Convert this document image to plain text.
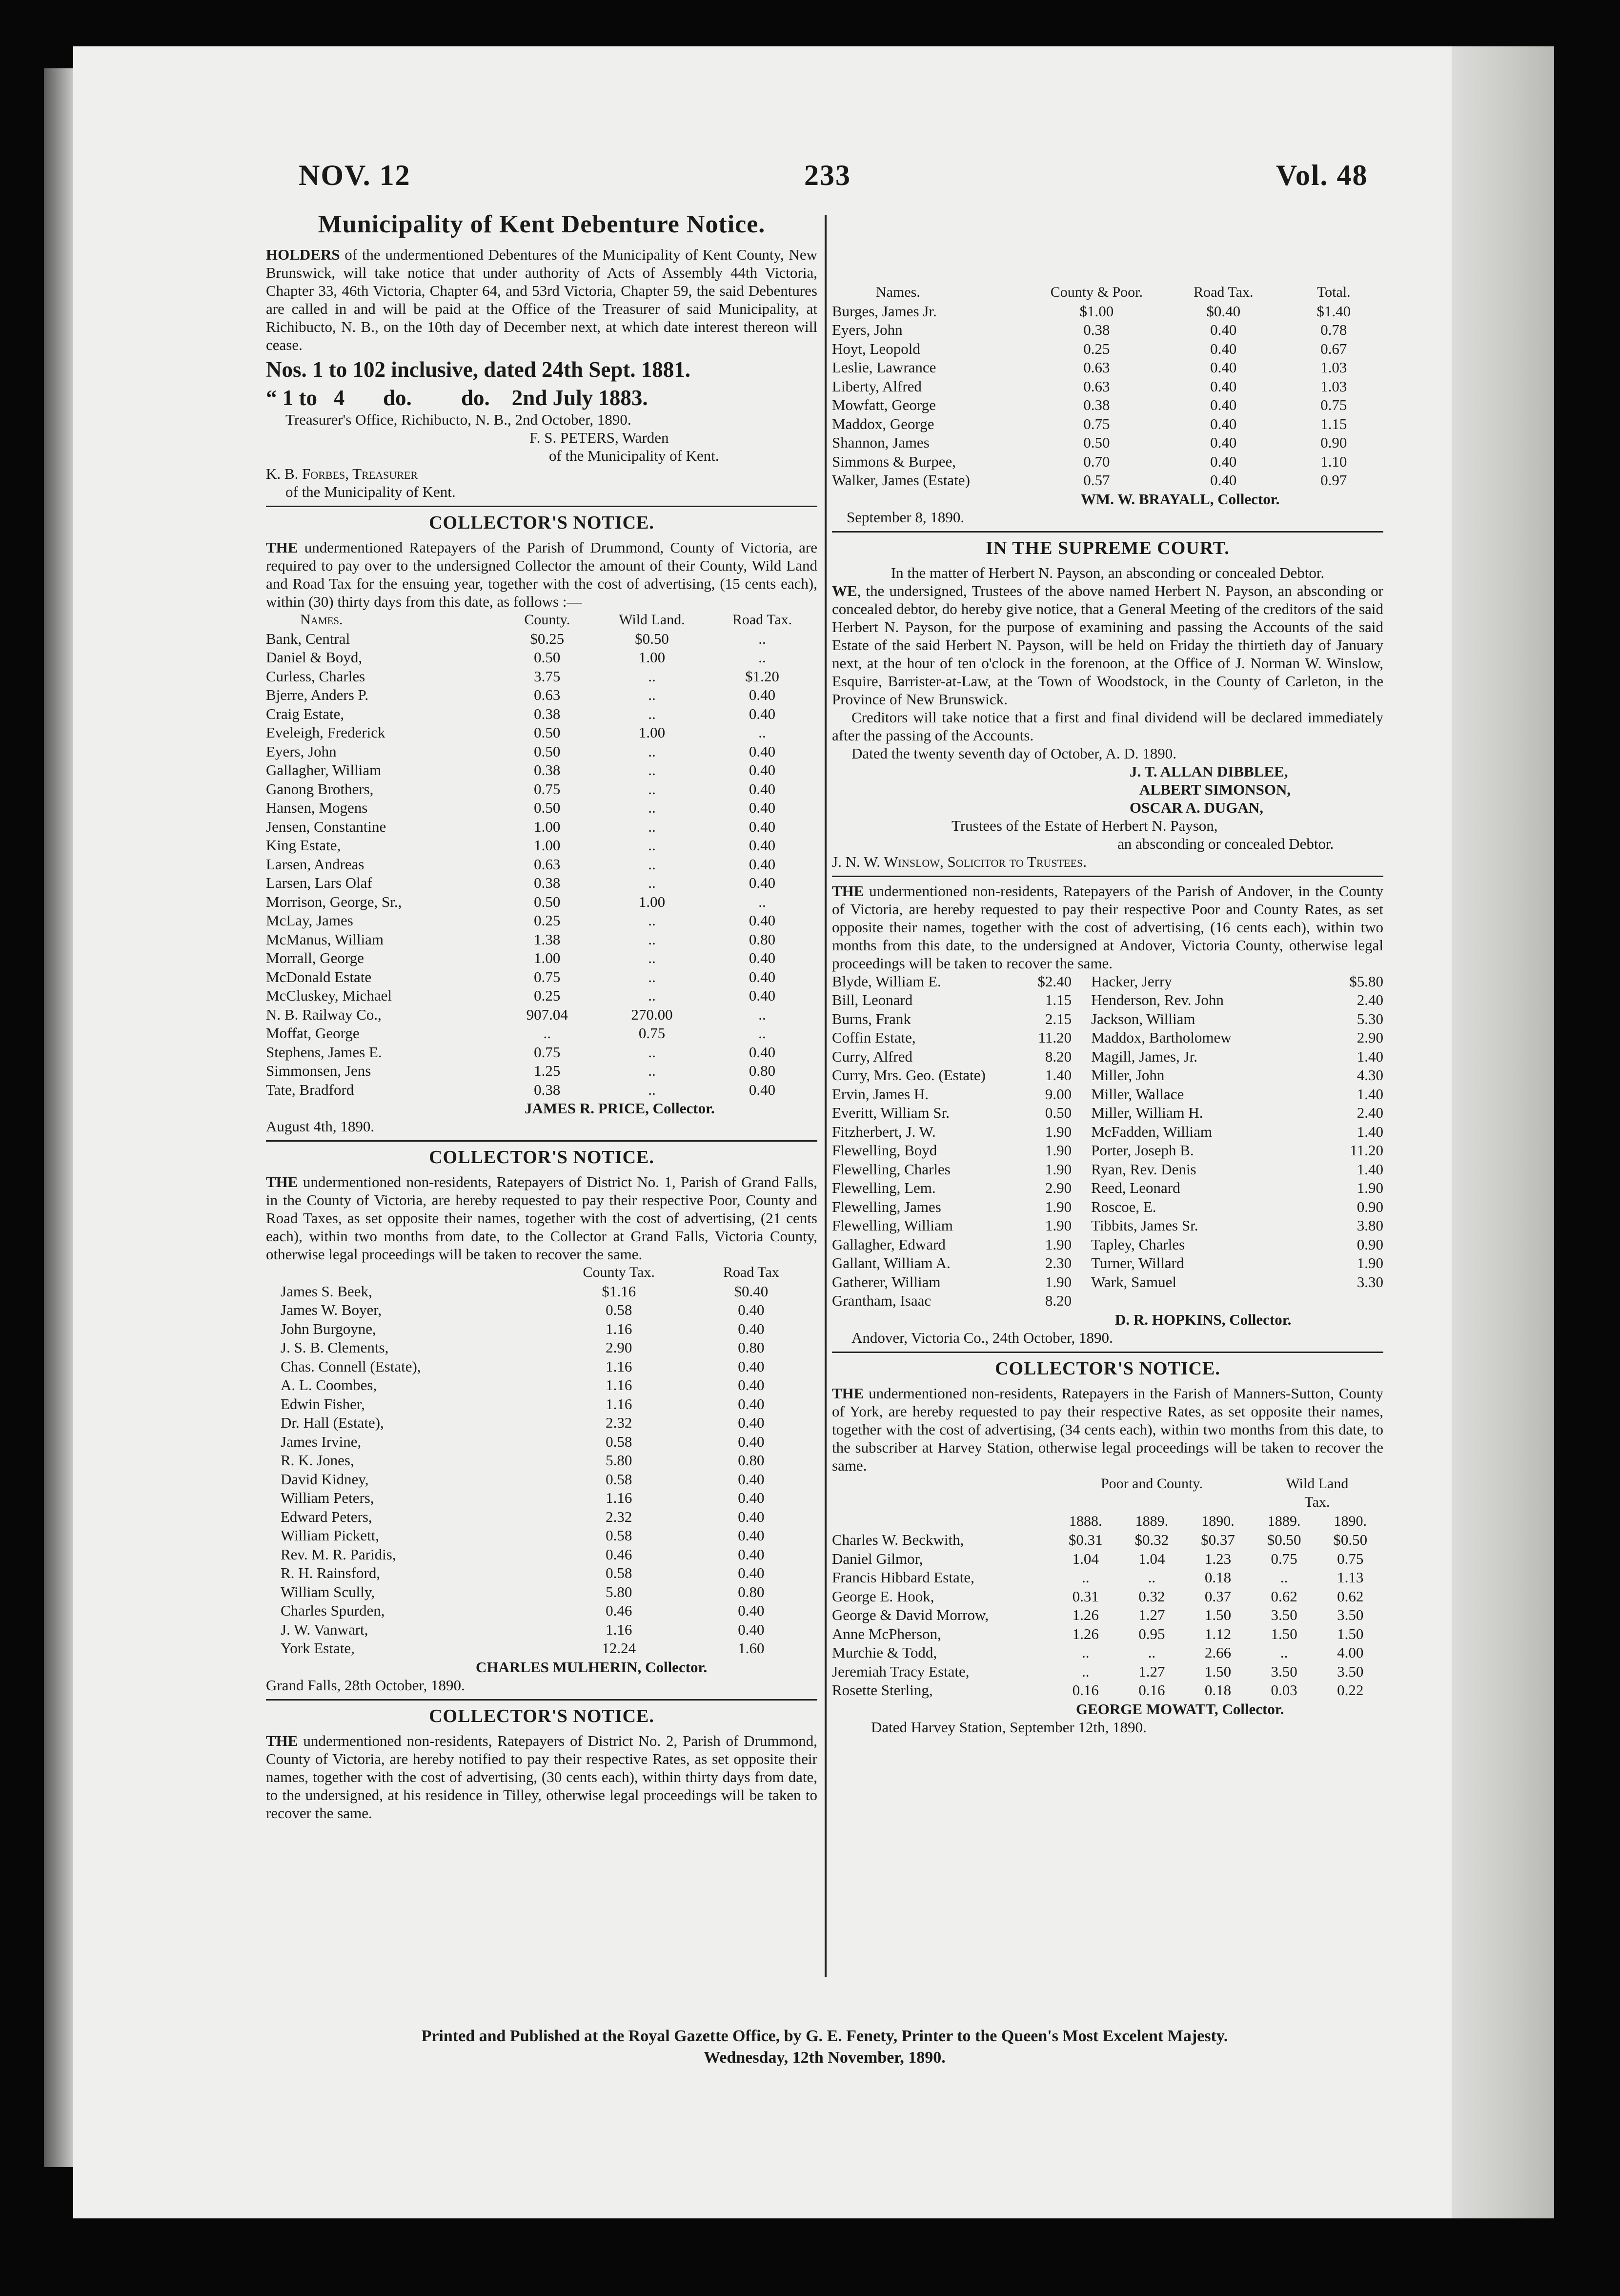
NOV. 12	233	Vol. 48
Municipality of Kent Debenture Notice.

HOLDERS of the undermentioned Debentures of the Municipality of Kent County, New Brunswick, will take notice that under authority of Acts of Assembly 44th Victoria, Chapter 33, 46th Victoria, Chapter 64, and 53rd Victoria, Chapter 59, the said Debentures are called in and will be paid at the Office of the Treasurer of said Municipality, at Richibucto, N. B., on the 10th day of December next, at which date interest thereon will cease.

Nos. 1 to 102 inclusive, dated 24th Sept. 1881.
“ 1 to   4       do.         do.    2nd July 1883.
Treasurer's Office, Richibucto, N. B., 2nd October, 1890.
F. S. PETERS, Warden
of the Municipality of Kent.
K. B. Forbes, Treasurer
of the Municipality of Kent.
COLLECTOR'S NOTICE.

THE undermentioned Ratepayers of the Parish of Drummond, County of Victoria, are required to pay over to the undersigned Collector the amount of their County, Wild Land and Road Tax for the ensuing year, together with the cost of advertising, (15 cents each), within (30) thirty days from this date, as follows :—

Names.	County.	Wild Land.	Road Tax.
Bank, Central	$0.25	$0.50	..
Daniel & Boyd,	0.50	1.00	..
Curless, Charles	3.75	..	$1.20
Bjerre, Anders P.	0.63	..	0.40
Craig Estate,	0.38	..	0.40
Eveleigh, Frederick	0.50	1.00	..
Eyers, John	0.50	..	0.40
Gallagher, William	0.38	..	0.40
Ganong Brothers,	0.75	..	0.40
Hansen, Mogens	0.50	..	0.40
Jensen, Constantine	1.00	..	0.40
King Estate,	1.00	..	0.40
Larsen, Andreas	0.63	..	0.40
Larsen, Lars Olaf	0.38	..	0.40
Morrison, George, Sr.,	0.50	1.00	..
McLay, James	0.25	..	0.40
McManus, William	1.38	..	0.80
Morrall, George	1.00	..	0.40
McDonald Estate	0.75	..	0.40
McCluskey, Michael	0.25	..	0.40
N. B. Railway Co.,	907.04	270.00	..
Moffat, George	..	0.75	..
Stephens, James E.	0.75	..	0.40
Simmonsen, Jens	1.25	..	0.80
Tate, Bradford	0.38	..	0.40
JAMES R. PRICE, Collector.
August 4th, 1890.
COLLECTOR'S NOTICE.

THE undermentioned non-residents, Ratepayers of District No. 1, Parish of Grand Falls, in the County of Victoria, are hereby requested to pay their respective Poor, County and Road Taxes, as set opposite their names, together with the cost of advertising, (21 cents each), within two months from date, to the Collector at Grand Falls, Victoria County, otherwise legal proceedings will be taken to recover the same.

	County Tax.	Road Tax
James S. Beek,	$1.16	$0.40
James W. Boyer,	0.58	0.40
John Burgoyne,	1.16	0.40
J. S. B. Clements,	2.90	0.80
Chas. Connell (Estate),	1.16	0.40
A. L. Coombes,	1.16	0.40
Edwin Fisher,	1.16	0.40
Dr. Hall (Estate),	2.32	0.40
James Irvine,	0.58	0.40
R. K. Jones,	5.80	0.80
David Kidney,	0.58	0.40
William Peters,	1.16	0.40
Edward Peters,	2.32	0.40
William Pickett,	0.58	0.40
Rev. M. R. Paridis,	0.46	0.40
R. H. Rainsford,	0.58	0.40
William Scully,	5.80	0.80
Charles Spurden,	0.46	0.40
J. W. Vanwart,	1.16	0.40
York Estate,	12.24	1.60
CHARLES MULHERIN, Collector.
Grand Falls, 28th October, 1890.
COLLECTOR'S NOTICE.

THE undermentioned non-residents, Ratepayers of District No. 2, Parish of Drummond, County of Victoria, are hereby notified to pay their respective Rates, as set opposite their names, together with the cost of advertising, (30 cents each), within thirty days from date, to the undersigned, at his residence in Tilley, otherwise legal proceedings will be taken to recover the same.

Names.	County & Poor.	Road Tax.	Total.
Burges, James Jr.	$1.00	$0.40	$1.40
Eyers, John	0.38	0.40	0.78
Hoyt, Leopold	0.25	0.40	0.67
Leslie, Lawrance	0.63	0.40	1.03
Liberty, Alfred	0.63	0.40	1.03
Mowfatt, George	0.38	0.40	0.75
Maddox, George	0.75	0.40	1.15
Shannon, James	0.50	0.40	0.90
Simmons & Burpee,	0.70	0.40	1.10
Walker, James (Estate)	0.57	0.40	0.97
WM. W. BRAYALL, Collector.
September 8, 1890.
IN THE SUPREME COURT.

In the matter of Herbert N. Payson, an absconding or concealed Debtor.

WE, the undersigned, Trustees of the above named Herbert N. Payson, an absconding or concealed debtor, do hereby give notice, that a General Meeting of the creditors of the said Herbert N. Payson, for the purpose of examining and passing the Accounts of the said Estate of the said Herbert N. Payson, will be held on Friday the thirtieth day of January next, at the hour of ten o'clock in the forenoon, at the Office of J. Norman W. Winslow, Esquire, Barrister-at-Law, at the Town of Woodstock, in the County of Carleton, in the Province of New Brunswick.

Creditors will take notice that a first and final dividend will be declared immediately after the passing of the Accounts.

Dated the twenty seventh day of October, A. D. 1890.
J. T. ALLAN DIBBLEE,
ALBERT SIMONSON,
OSCAR A. DUGAN,
Trustees of the Estate of Herbert N. Payson,
an absconding or concealed Debtor.
J. N. W. Winslow, Solicitor to Trustees.

THE undermentioned non-residents, Ratepayers of the Parish of Andover, in the County of Victoria, are hereby requested to pay their respective Poor and County Rates, as set opposite their names, together with the cost of advertising, (16 cents each), within two months from this date, to the undersigned at Andover, Victoria County, otherwise legal proceedings will be taken to recover the same.

Blyde, William E.	$2.40	Hacker, Jerry	$5.80
Bill, Leonard	1.15	Henderson, Rev. John	2.40
Burns, Frank	2.15	Jackson, William	5.30
Coffin Estate,	11.20	Maddox, Bartholomew	2.90
Curry, Alfred	8.20	Magill, James, Jr.	1.40
Curry, Mrs. Geo. (Estate)	1.40	Miller, John	4.30
Ervin, James H.	9.00	Miller, Wallace	1.40
Everitt, William Sr.	0.50	Miller, William H.	2.40
Fitzherbert, J. W.	1.90	McFadden, William	1.40
Flewelling, Boyd	1.90	Porter, Joseph B.	11.20
Flewelling, Charles	1.90	Ryan, Rev. Denis	1.40
Flewelling, Lem.	2.90	Reed, Leonard	1.90
Flewelling, James	1.90	Roscoe, E.	0.90
Flewelling, William	1.90	Tibbits, James Sr.	3.80
Gallagher, Edward	1.90	Tapley, Charles	0.90
Gallant, William A.	2.30	Turner, Willard	1.90
Gatherer, William	1.90	Wark, Samuel	3.30
Grantham, Isaac	8.20		
D. R. HOPKINS, Collector.
Andover, Victoria Co., 24th October, 1890.
COLLECTOR'S NOTICE.

THE undermentioned non-residents, Ratepayers in the Farish of Manners-Sutton, County of York, are hereby requested to pay their respective Rates, as set opposite their names, together with the cost of advertising, (34 cents each), within two months from this date, to the subscriber at Harvey Station, otherwise legal proceedings will be taken to recover the same.

	Poor and County.			Wild Land	
				Tax.	
	1888.	1889.	1890.	1889.	1890.
Charles W. Beckwith,	$0.31	$0.32	$0.37	$0.50	$0.50
Daniel Gilmor,	1.04	1.04	1.23	0.75	0.75
Francis Hibbard Estate,	..	..	0.18	..	1.13
George E. Hook,	0.31	0.32	0.37	0.62	0.62
George & David Morrow,	1.26	1.27	1.50	3.50	3.50
Anne McPherson,	1.26	0.95	1.12	1.50	1.50
Murchie & Todd,	..	..	2.66	..	4.00
Jeremiah Tracy Estate,	..	1.27	1.50	3.50	3.50
Rosette Sterling,	0.16	0.16	0.18	0.03	0.22
GEORGE MOWATT, Collector.
Dated Harvey Station, September 12th, 1890.
Printed and Published at the Royal Gazette Office, by G. E. Fenety, Printer to the Queen's Most Excelent Majesty.
Wednesday, 12th November, 1890.
